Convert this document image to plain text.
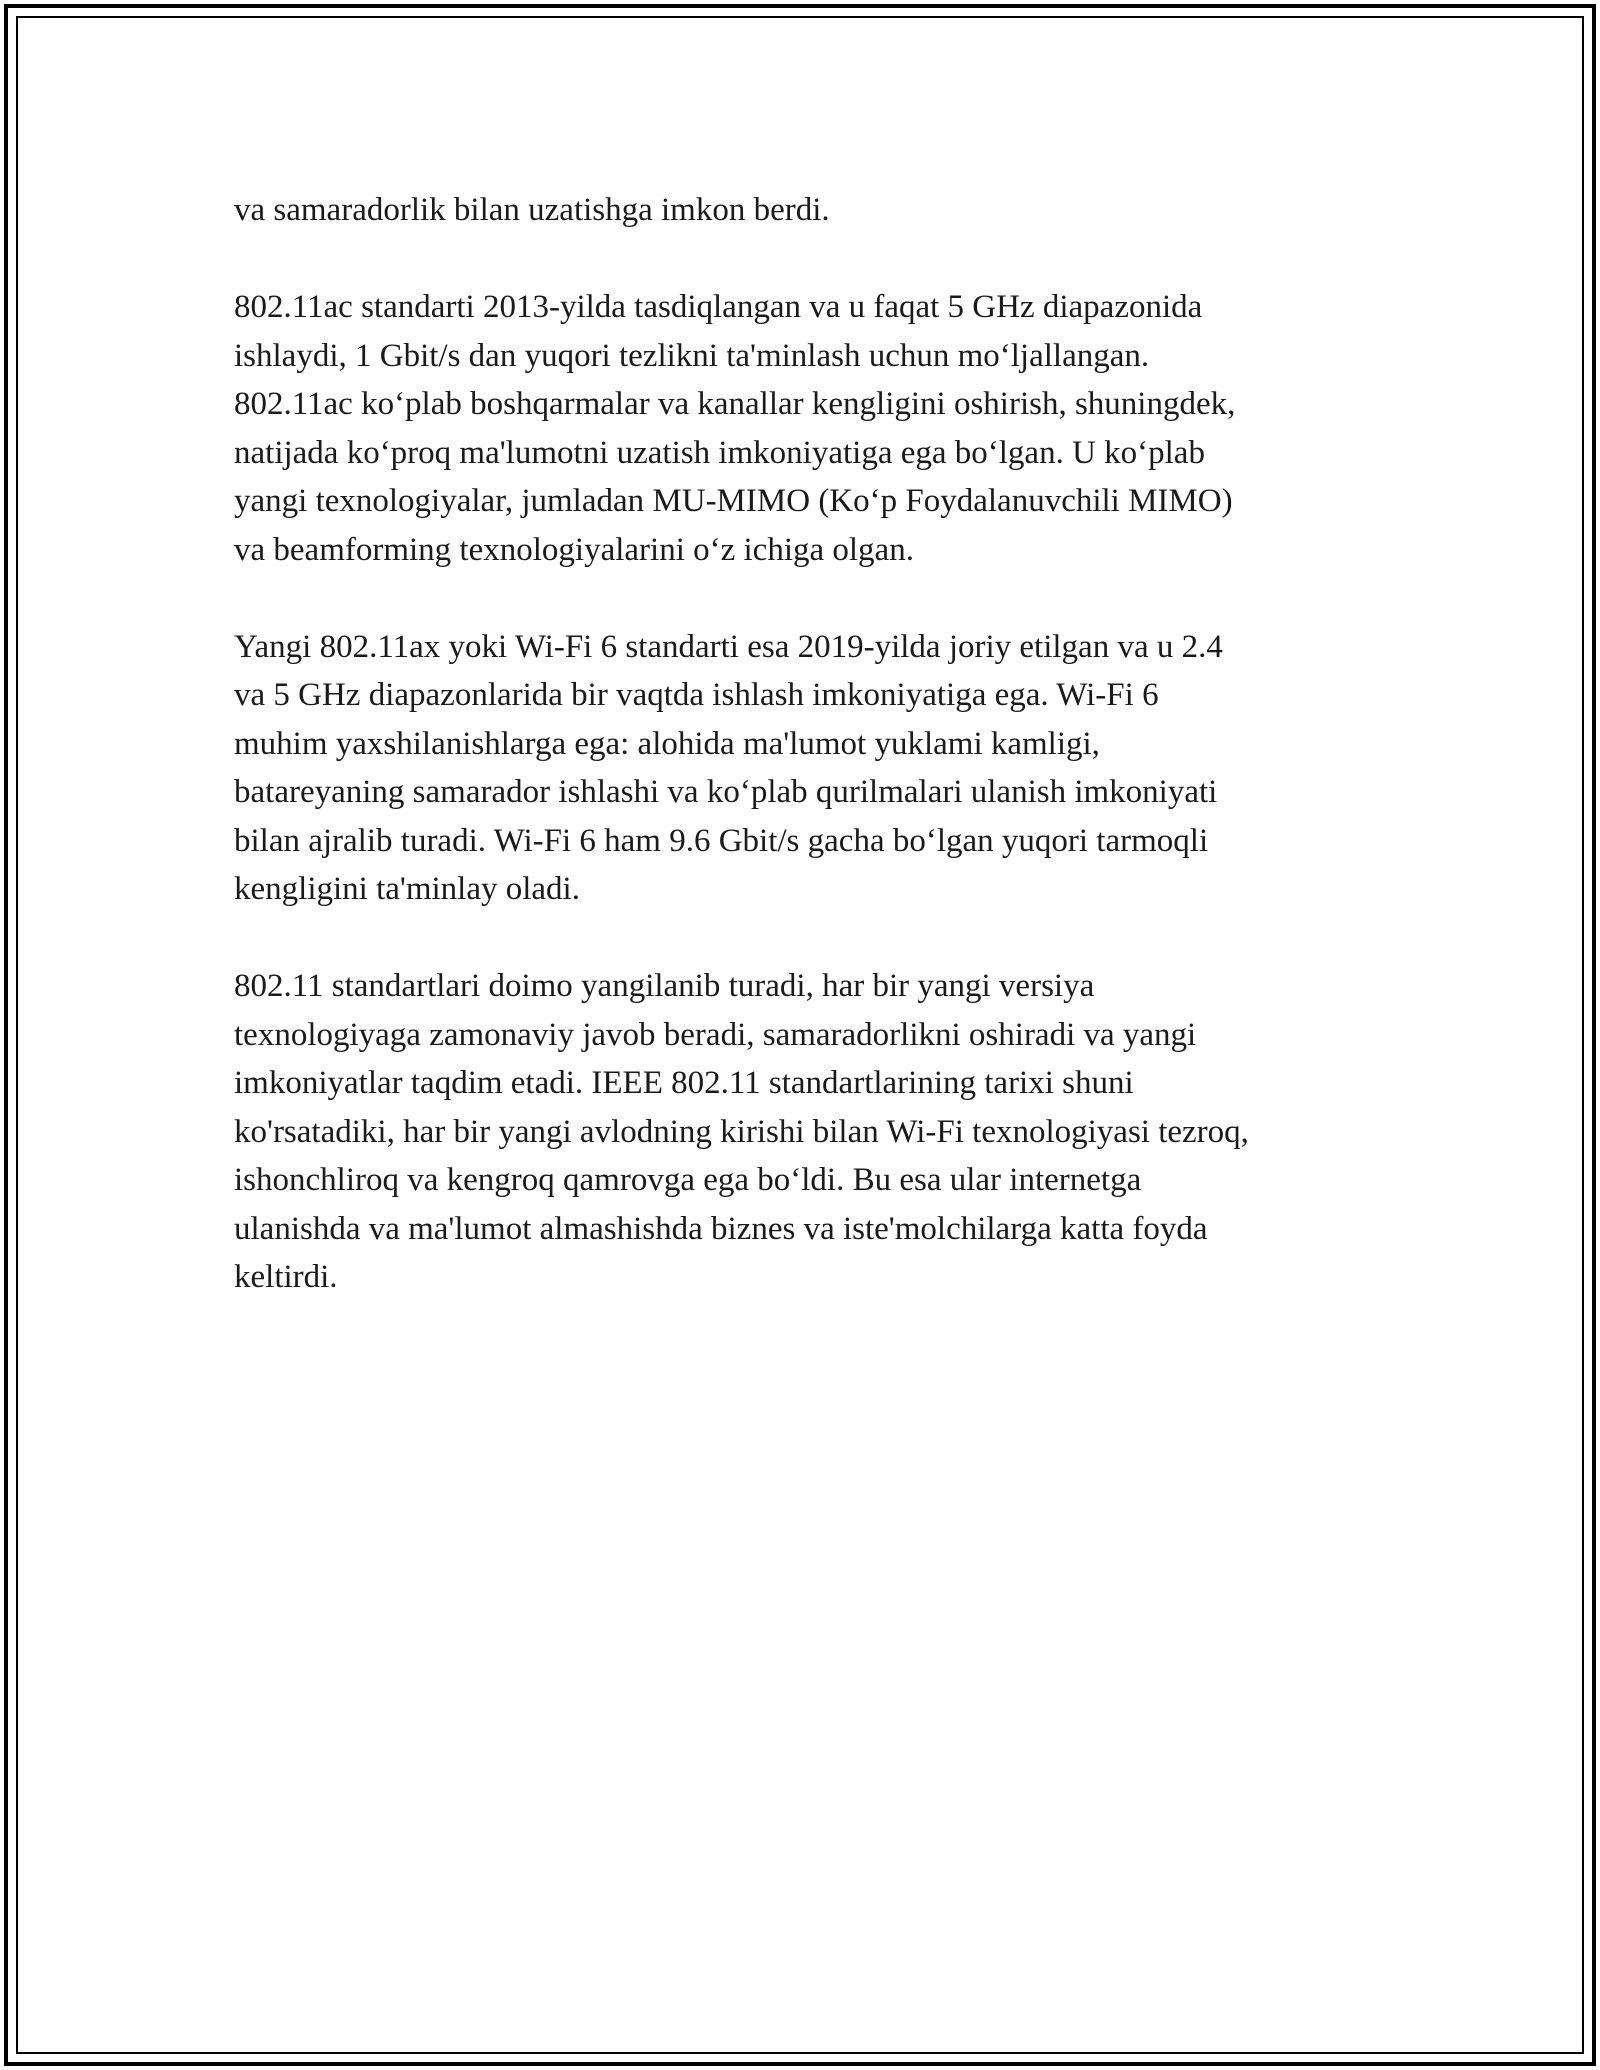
va samaradorlik bilan uzatishga imkon berdi.

802.11ac standarti 2013-yilda tasdiqlangan va u faqat 5 GHz diapazonida
ishlaydi, 1 Gbit/s dan yuqori tezlikni ta'minlash uchun mo‘ljallangan.
802.11ac ko‘plab boshqarmalar va kanallar kengligini oshirish, shuningdek,
natijada ko‘proq ma'lumotni uzatish imkoniyatiga ega bo‘lgan. U ko‘plab
yangi texnologiyalar, jumladan MU-MIMO (Ko‘p Foydalanuvchili MIMO)
va beamforming texnologiyalarini o‘z ichiga olgan.

Yangi 802.11ax yoki Wi-Fi 6 standarti esa 2019-yilda joriy etilgan va u 2.4
va 5 GHz diapazonlarida bir vaqtda ishlash imkoniyatiga ega. Wi-Fi 6
muhim yaxshilanishlarga ega: alohida ma'lumot yuklami kamligi,
batareyaning samarador ishlashi va ko‘plab qurilmalari ulanish imkoniyati
bilan ajralib turadi. Wi-Fi 6 ham 9.6 Gbit/s gacha bo‘lgan yuqori tarmoqli
kengligini ta'minlay oladi.

802.11 standartlari doimo yangilanib turadi, har bir yangi versiya
texnologiyaga zamonaviy javob beradi, samaradorlikni oshiradi va yangi
imkoniyatlar taqdim etadi. IEEE 802.11 standartlarining tarixi shuni
ko'rsatadiki, har bir yangi avlodning kirishi bilan Wi-Fi texnologiyasi tezroq,
ishonchliroq va kengroq qamrovga ega bo‘ldi. Bu esa ular internetga
ulanishda va ma'lumot almashishda biznes va iste'molchilarga katta foyda
keltirdi.
